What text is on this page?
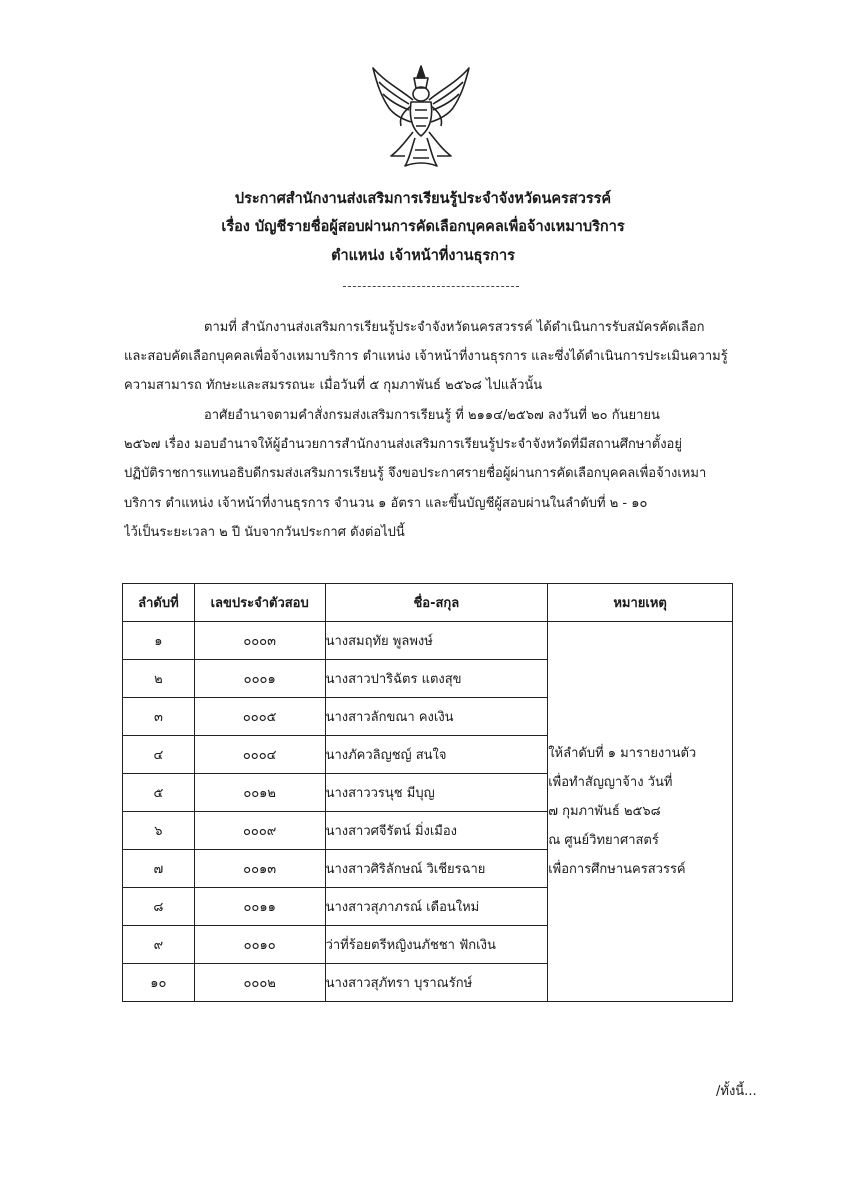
ประกาศสำนักงานส่งเสริมการเรียนรู้ประจำจังหวัดนครสวรรค์
เรื่อง บัญชีรายชื่อผู้สอบผ่านการคัดเลือกบุคคลเพื่อจ้างเหมาบริการ
ตำแหน่ง เจ้าหน้าที่งานธุรการ
ตามที่ สำนักงานส่งเสริมการเรียนรู้ประจำจังหวัดนครสวรรค์ ได้ดำเนินการรับสมัครคัดเลือก
และสอบคัดเลือกบุคคลเพื่อจ้างเหมาบริการ ตำแหน่ง เจ้าหน้าที่งานธุรการ และซึ่งได้ดำเนินการประเมินความรู้
ความสามารถ ทักษะและสมรรถนะ เมื่อวันที่ ๕ กุมภาพันธ์ ๒๕๖๘ ไปแล้วนั้น
อาศัยอำนาจตามคำสั่งกรมส่งเสริมการเรียนรู้ ที่ ๒๑๑๔/๒๕๖๗ ลงวันที่ ๒๐ กันยายน
๒๕๖๗ เรื่อง มอบอำนาจให้ผู้อำนวยการสำนักงานส่งเสริมการเรียนรู้ประจำจังหวัดที่มีสถานศึกษาตั้งอยู่
ปฏิบัติราชการแทนอธิบดีกรมส่งเสริมการเรียนรู้ จึงขอประกาศรายชื่อผู้ผ่านการคัดเลือกบุคคลเพื่อจ้างเหมา
บริการ ตำแหน่ง เจ้าหน้าที่งานธุรการ จำนวน ๑ อัตรา และขึ้นบัญชีผู้สอบผ่านในลำดับที่ ๒ - ๑๐
ไว้เป็นระยะเวลา ๒ ปี นับจากวันประกาศ ดังต่อไปนี้
ลำดับที่	เลขประจำตัวสอบ	ชื่อ-สกุล	หมายเหตุ
๑	๐๐๐๓	นางสมฤทัย พูลพงษ์	ให้ลำดับที่ ๑ มารายงานตัว
เพื่อทำสัญญาจ้าง วันที่
๗ กุมภาพันธ์ ๒๕๖๘
ณ ศูนย์วิทยาศาสตร์
เพื่อการศึกษานครสวรรค์

๒	๐๐๐๑	นางสาวปาริฉัตร แตงสุข	
๓	๐๐๐๕	นางสาวลักขณา คงเงิน	
๔	๐๐๐๔	นางภัควลิญชญ์ สนใจ	
๕	๐๐๑๒	นางสาววรนุช มีบุญ	
๖	๐๐๐๙	นางสาวศจีรัตน์ มิ่งเมือง	
๗	๐๐๑๓	นางสาวศิริลักษณ์ วิเชียรฉาย	
๘	๐๐๑๑	นางสาวสุภาภรณ์ เดือนใหม่	
๙	๐๐๑๐	ว่าที่ร้อยตรีหญิงนภัชชา ฟักเงิน	
๑๐	๐๐๐๒	นางสาวสุภัทรา บุราณรักษ์	
/ทั้งนี้...
